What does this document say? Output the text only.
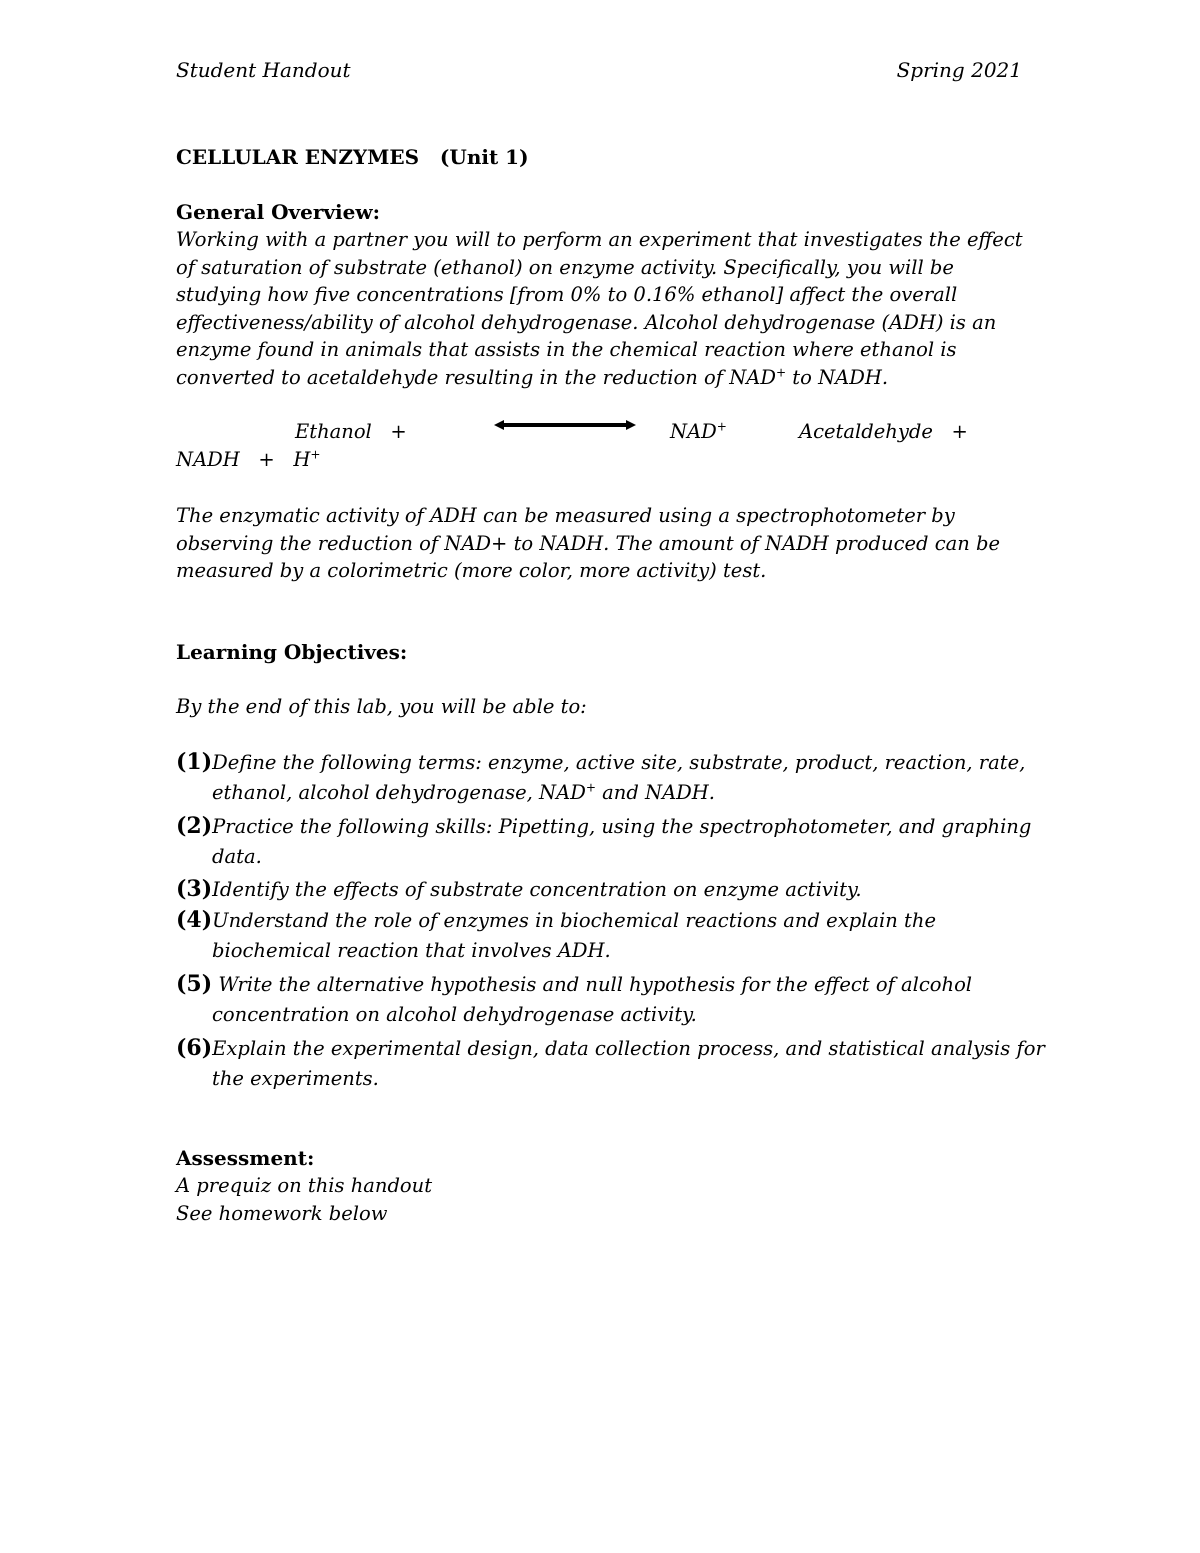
Student Handout	Spring 2021
CELLULAR ENZYMES (Unit 1)
General Overview:
Working with a partner you will to perform an experiment that investigates the effect
of saturation of substrate (ethanol) on enzyme activity. Specifically, you will be
studying how five concentrations [from 0% to 0.16% ethanol] affect the overall
effectiveness/ability of alcohol dehydrogenase. Alcohol dehydrogenase (ADH) is an
enzyme found in animals that assists in the chemical reaction where ethanol is
converted to acetaldehyde resulting in the reduction of NAD+ to NADH.
Ethanol +	NAD+	Acetaldehyde +
NADH + H+
The enzymatic activity of ADH can be measured using a spectrophotometer by
observing the reduction of NAD+ to NADH. The amount of NADH produced can be
measured by a colorimetric (more color, more activity) test.
Learning Objectives:
By the end of this lab, you will be able to:
(1)Define the following terms: enzyme, active site, substrate, product, reaction, rate,
ethanol, alcohol dehydrogenase, NAD+ and NADH.
(2)Practice the following skills: Pipetting, using the spectrophotometer, and graphing
data.
(3)Identify the effects of substrate concentration on enzyme activity.
(4)Understand the role of enzymes in biochemical reactions and explain the
biochemical reaction that involves ADH.
(5) Write the alternative hypothesis and null hypothesis for the effect of alcohol
concentration on alcohol dehydrogenase activity.
(6)Explain the experimental design, data collection process, and statistical analysis for
the experiments.
Assessment:
A prequiz on this handout
See homework below
